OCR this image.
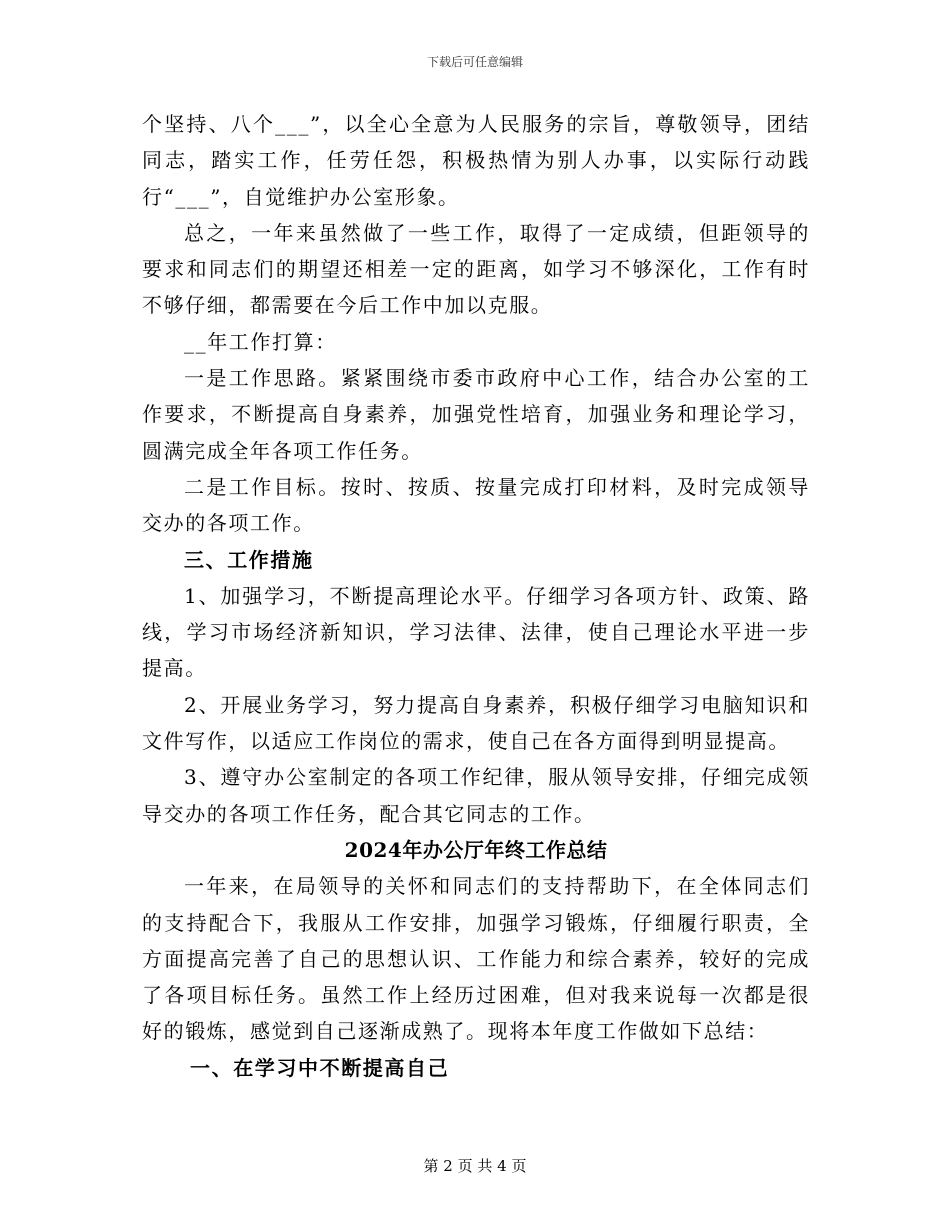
下载后可任意编辑

个坚持、八个___”，以全心全意为人民服务的宗旨，尊敬领导，团结同志，踏实工作，任劳任怨，积极热情为别人办事，以实际行动践行“___”，自觉维护办公室形象。

总之，一年来虽然做了一些工作，取得了一定成绩，但距领导的要求和同志们的期望还相差一定的距离，如学习不够深化，工作有时不够仔细，都需要在今后工作中加以克服。

__年工作打算：

一是工作思路。紧紧围绕市委市政府中心工作，结合办公室的工作要求，不断提高自身素养，加强党性培育，加强业务和理论学习，圆满完成全年各项工作任务。

二是工作目标。按时、按质、按量完成打印材料，及时完成领导交办的各项工作。

三、工作措施

1、加强学习，不断提高理论水平。仔细学习各项方针、政策、路线，学习市场经济新知识，学习法律、法律，使自己理论水平进一步提高。

2、开展业务学习，努力提高自身素养，积极仔细学习电脑知识和文件写作，以适应工作岗位的需求，使自己在各方面得到明显提高。

3、遵守办公室制定的各项工作纪律，服从领导安排，仔细完成领导交办的各项工作任务，配合其它同志的工作。

2024年办公厅年终工作总结

一年来，在局领导的关怀和同志们的支持帮助下，在全体同志们的支持配合下，我服从工作安排，加强学习锻炼，仔细履行职责，全方面提高完善了自己的思想认识、工作能力和综合素养，较好的完成了各项目标任务。虽然工作上经历过困难，但对我来说每一次都是很好的锻炼，感觉到自己逐渐成熟了。现将本年度工作做如下总结：

一、在学习中不断提高自己

第 2 页 共 4 页
